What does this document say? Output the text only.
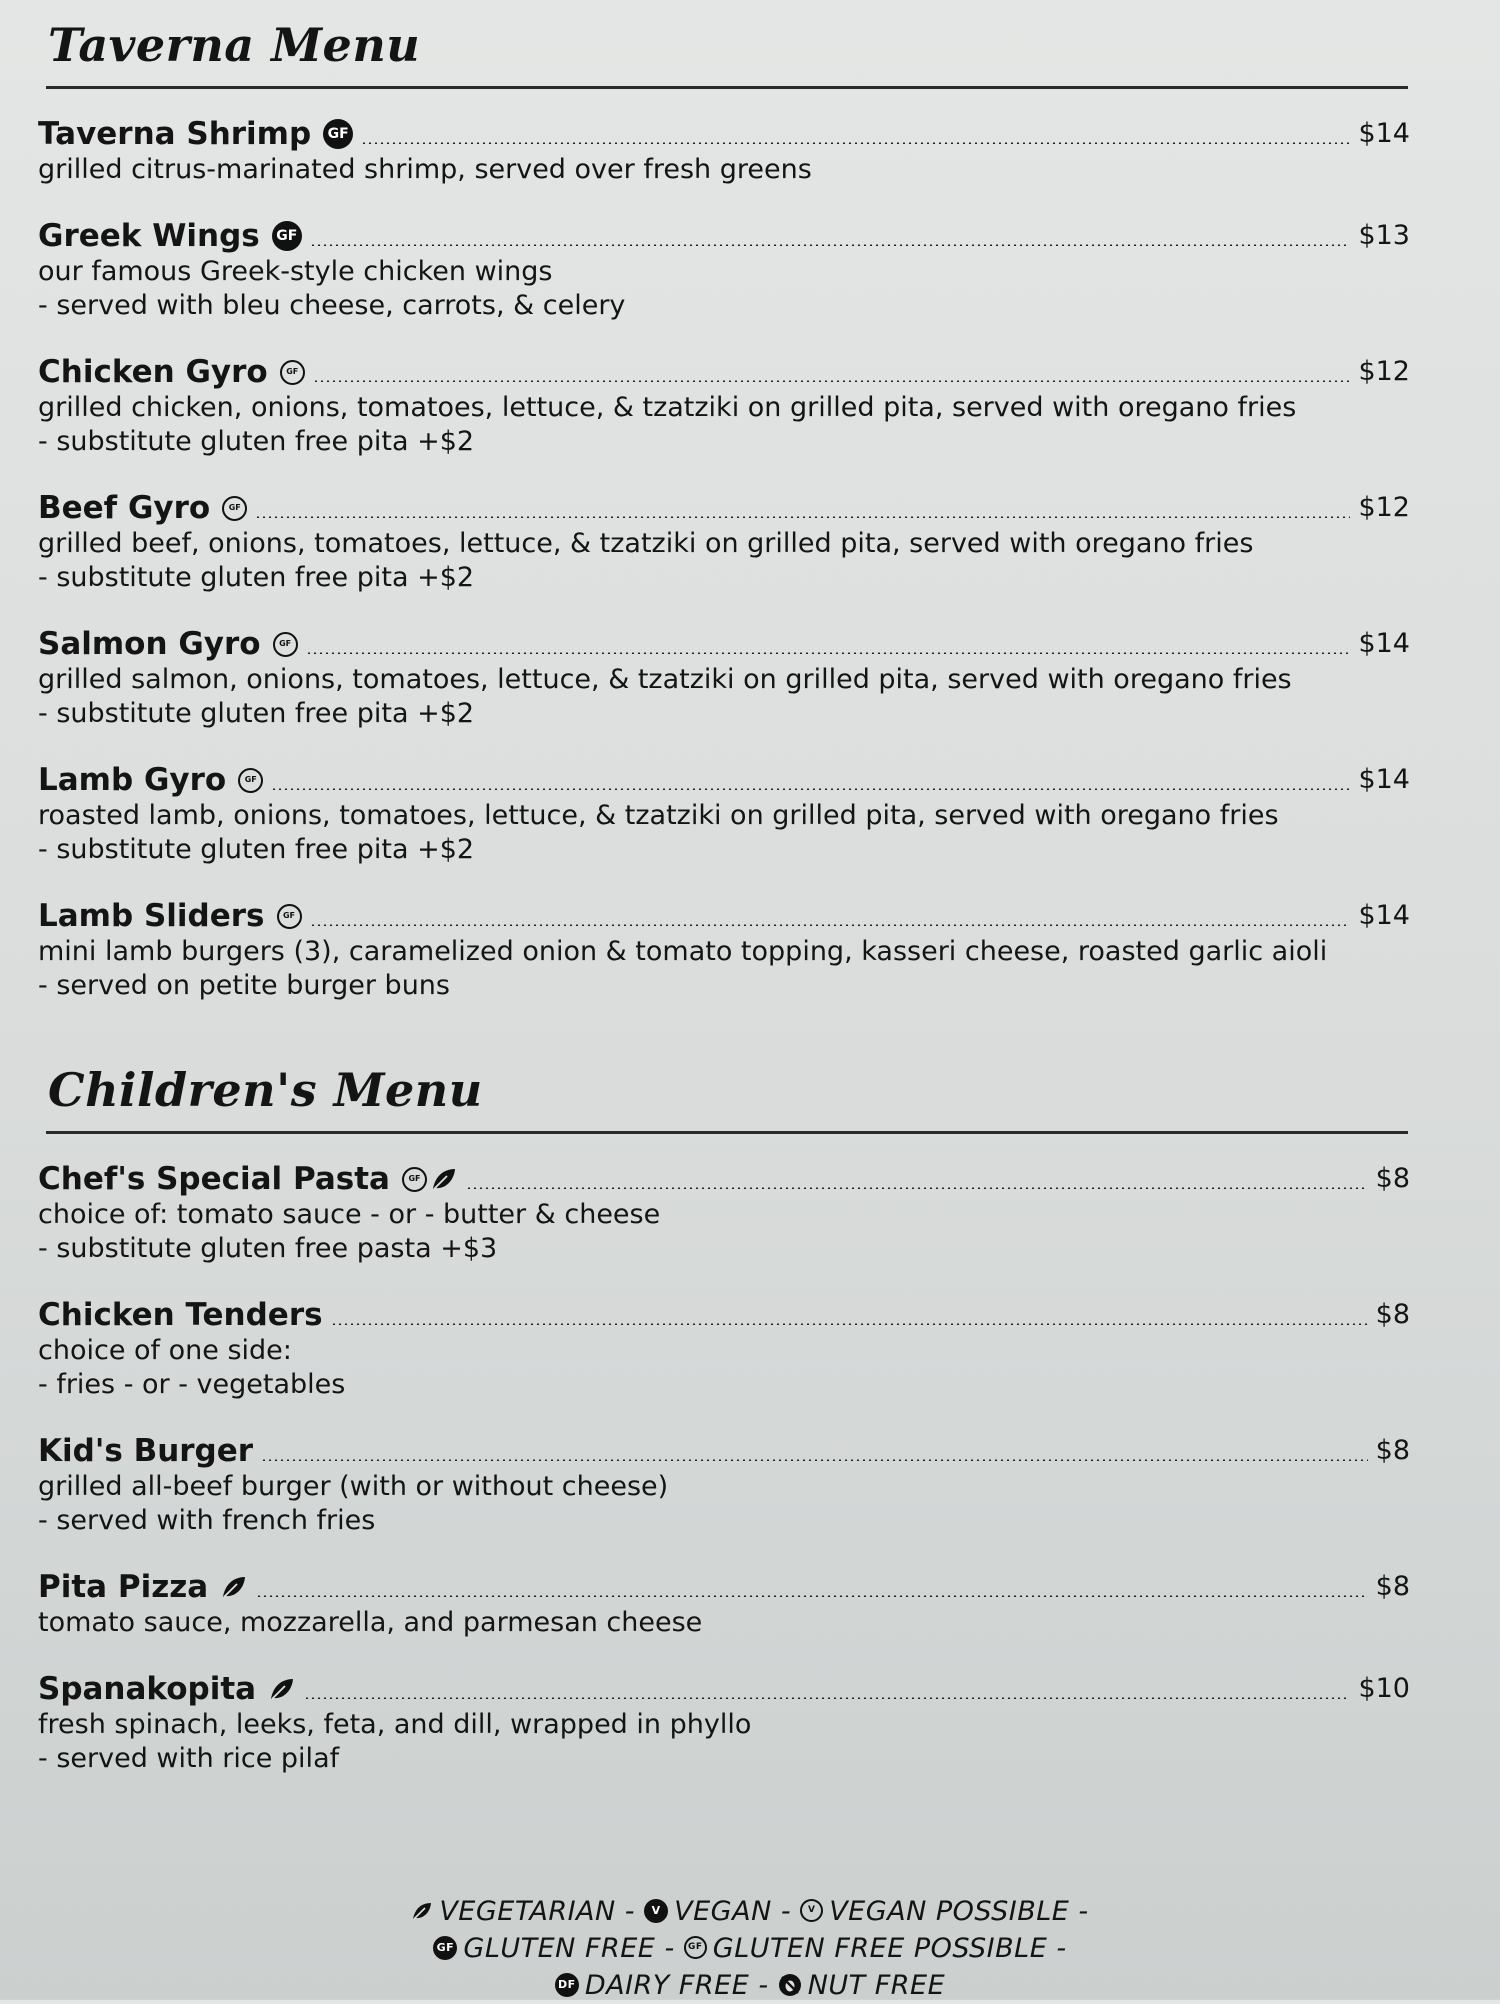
Taverna Menu
Taverna Shrimp	GF	$14
grilled citrus-marinated shrimp, served over fresh greens
Greek Wings	GF	$13
our famous Greek-style chicken wings
- served with bleu cheese, carrots, & celery
Chicken Gyro	GF	$12
grilled chicken, onions, tomatoes, lettuce, & tzatziki on grilled pita, served with oregano fries
- substitute gluten free pita +$2
Beef Gyro	GF	$12
grilled beef, onions, tomatoes, lettuce, & tzatziki on grilled pita, served with oregano fries
- substitute gluten free pita +$2
Salmon Gyro	GF	$14
grilled salmon, onions, tomatoes, lettuce, & tzatziki on grilled pita, served with oregano fries
- substitute gluten free pita +$2
Lamb Gyro	GF	$14
roasted lamb, onions, tomatoes, lettuce, & tzatziki on grilled pita, served with oregano fries
- substitute gluten free pita +$2
Lamb Sliders	GF	$14
mini lamb burgers (3), caramelized onion & tomato topping, kasseri cheese, roasted garlic aioli
- served on petite burger buns
Children's Menu
Chef's Special Pasta	GF	$8
choice of: tomato sauce - or - butter & cheese
- substitute gluten free pasta +$3
Chicken Tenders	$8
choice of one side:
- fries - or - vegetables
Kid's Burger	$8
grilled all-beef burger (with or without cheese)
- served with french fries
Pita Pizza	$8
tomato sauce, mozzarella, and parmesan cheese
Spanakopita	$10
fresh spinach, leeks, feta, and dill, wrapped in phyllo
- served with rice pilaf
VEGETARIAN - V VEGAN - V VEGAN POSSIBLE -
GF GLUTEN FREE - GF GLUTEN FREE POSSIBLE -
DF DAIRY FREE - NUT FREE
